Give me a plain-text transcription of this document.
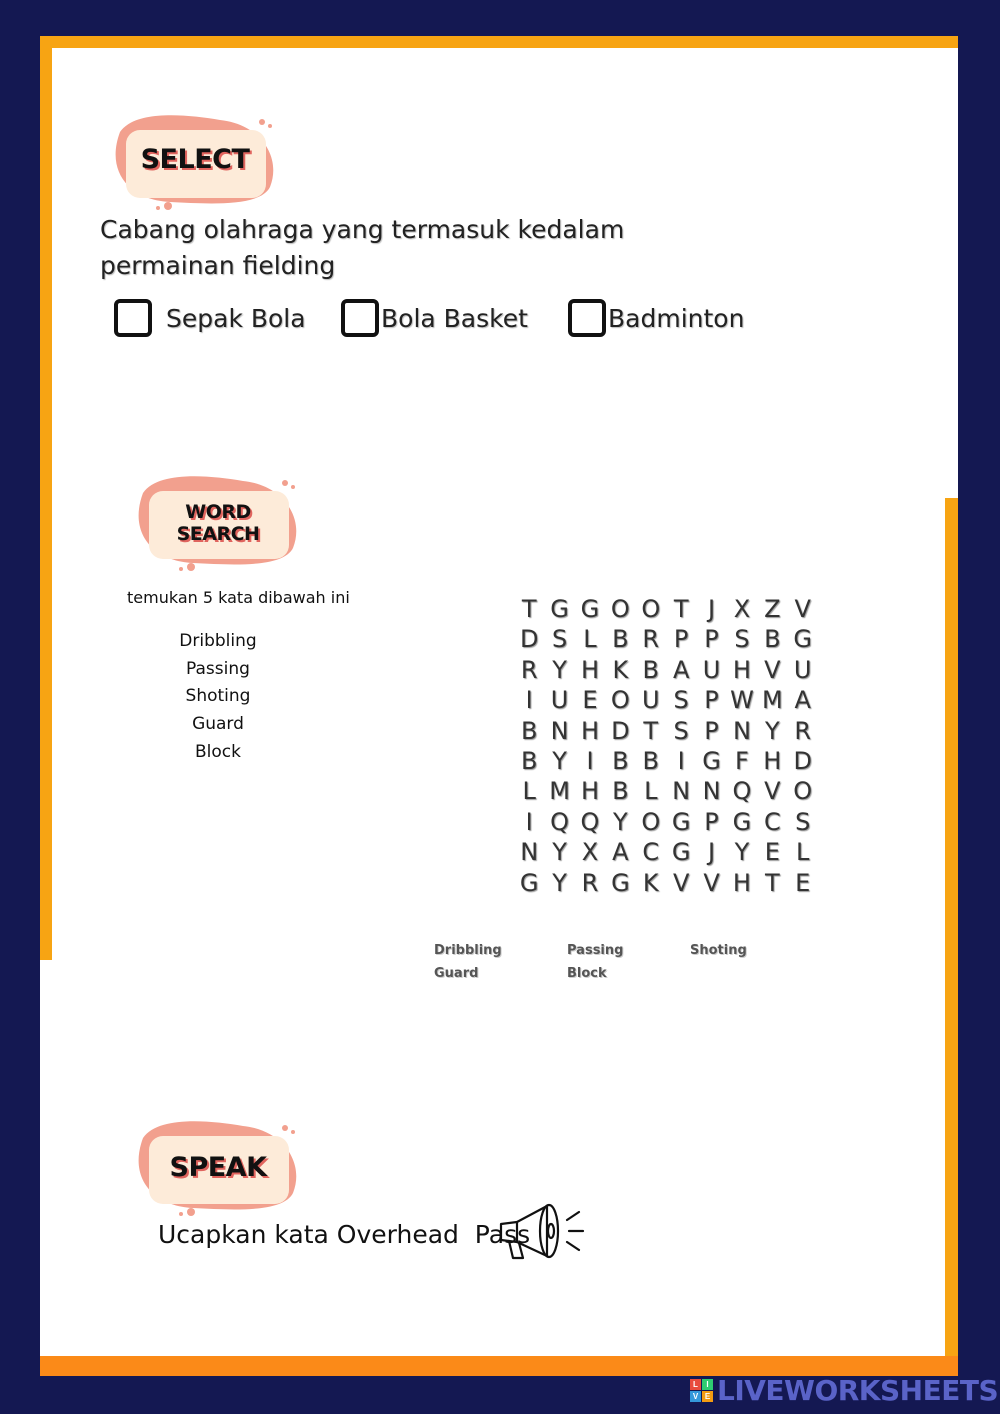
SELECT
Cabang olahraga yang termasuk kedalam permainan fielding
Sepak Bola	Bola Basket	Badminton
WORD
SEARCH
temukan 5 kata dibawah ini
Dribbling
Passing
Shoting
Guard
Block
T G G O O T J X Z V
D S L B R P P S B G
R Y H K B A U H V U
I U E O U S P W M A
B N H D T S P N Y R
B Y I B B I G F H D
L M H B L N N Q V O
I Q Q Y O G P G C S
N Y X A C G J Y E L
G Y R G K V V H T E
Dribbling	Passing	Shoting
Guard	Block
SPEAK
Ucapkan kata Overhead  Pass
L	I
V E LIVEWORKSHEETS
